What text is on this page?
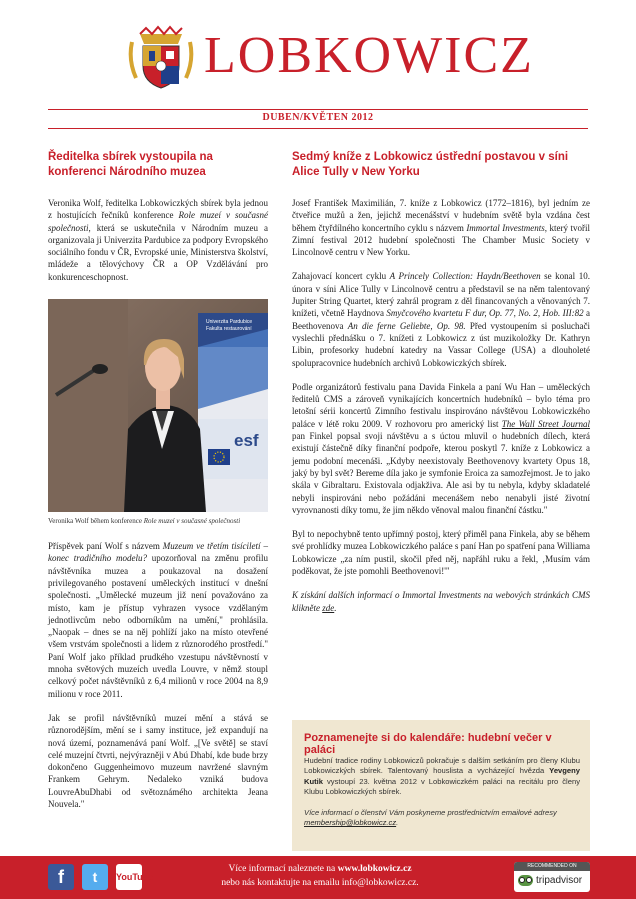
LOBKOWICZ
DUBEN/KVĚTEN 2012
Ředitelka sbírek vystoupila na konferenci Národního muzea

Veronika Wolf, ředitelka Lobkowiczkých sbírek byla jednou z hostujících řečníků konference Role muzeí v současné společnosti, která se uskutečnila v Národním muzeu a organizovala ji Univerzita Pardubice za podpory Evropského sociálního fondu v ČR, Evropské unie, Ministerstva školství, mládeže a tělovýchovy ČR a OP Vzdělávání pro konkurenceschopnost.

Univerzita Pardubice
Fakulta restaurování
esf

Veronika Wolf během konference Role muzeí v současné společnosti

Příspěvek paní Wolf s názvem Muzeum ve třetím tisíciletí – konec tradičního modelu? upozorňoval na změnu profilu návštěvníka muzea a poukazoval na dosažení privilegovaného postavení uměleckých institucí v dnešní společnosti. „Umělecké muzeum již není považováno za místo, kam je přístup vyhrazen vysoce vzdělaným jednotlivcům nebo odborníkům na umění," prohlásila. „Naopak – dnes se na něj pohlíží jako na místo otevřené všem vrstvám společnosti a lidem z různorodého prostředí." Paní Wolf jako příklad prudkého vzestupu návštěvností v mnoha světových muzeích uvedla Louvre, v němž stoupl celkový počet návštěvníků z 6,4 milionů v roce 2004 na 8,9 milionu v roce 2011.

Jak se profil návštěvníků muzeí mění a stává se různorodějším, mění se i samy instituce, jež expandují na nová území, poznamenává paní Wolf. „[Ve světě] se staví celé muzejní čtvrti, nejvýrazněji v Abú Dhabí, kde bude brzy dokončeno Guggenheimovo muzeum navržené slavným Frankem Gehrym. Nedaleko vzniká budova LouvreAbuDhabi od světoznámého architekta Jeana Nouvela."

Sedmý kníže z Lobkowicz ústřední postavou v síni Alice Tully v New Yorku

Josef František Maximilián, 7. kníže z Lobkowicz (1772–1816), byl jedním ze čtveřice mužů a žen, jejichž mecenášství v hudebním světě byla vzdána čest během čtyřdílného koncertního cyklu s názvem Immortal Investments, který tvořil Zimní festival 2012 hudební společnosti The Chamber Music Society v Lincolnově centru v New Yorku.

Zahajovací koncert cyklu A Princely Collection: Haydn/Beethoven se konal 10. února v síni Alice Tully v Lincolnově centru a představil se na něm talentovaný Jupiter String Quartet, který zahrál program z děl financovaných a věnovaných 7. knížeti, včetně Haydnova Smyčcového kvartetu F dur, Op. 77, No. 2, Hob. III:82 a Beethovenova An die ferne Geliebte, Op. 98. Před vystoupením si posluchači vyslechli přednášku o 7. knížeti z Lobkowicz z úst muzikoložky Dr. Kathryn Libin, profesorky hudební katedry na Vassar College (USA) a dlouholeté spolupracovnice hudebních archivů Lobkowiczkých sbírek.

Podle organizátorů festivalu pana Davida Finkela a paní Wu Han – uměleckých ředitelů CMS a zároveň vynikajících koncertních hudebníků – bylo téma pro letošní sérii koncertů Zimního festivalu inspirováno návštěvou Lobkowiczkého paláce v létě roku 2009. V rozhovoru pro americký list The Wall Street Journal pan Finkel popsal svoji návštěvu a s úctou mluvil o hudebních dílech, která existují částečně díky finanční podpoře, kterou poskytl 7. kníže z Lobkowicz a jemu podobní mecenáši. „Kdyby neexistovaly Beethovenovy kvartety Opus 18, jaký by byl svět? Bereme díla jako je symfonie Eroica za samozřejmost. Je to jako skála v Gibraltaru. Existovala odjakživa. Ale asi by tu nebyla, kdyby skladatelé nebyli inspirováni nebo požádáni mecenášem nebo nenabyli jisté životní vyrovnanosti díky tomu, že jim někdo věnoval malou finanční částku."

Byl to nepochybně tento upřímný postoj, který přiměl pana Finkela, aby se během své prohlídky muzea Lobkowiczkého paláce s paní Han po spatření pana Williama Lobkowicze „za ním pustil, skočil před něj, napřáhl ruku a řekl, ‚Musím vám poděkovat, že jste pomohli Beethovenovi!'"

K získání dalších informací o Immortal Investments na webových stránkách CMS klikněte zde.

Poznamenejte si do kalendáře: hudební večer v paláci

Hudební tradice rodiny Lobkowiczů pokračuje s dalším setkáním pro členy Klubu Lobkowiczkých sbírek. Talentovaný houslista a vycházející hvězda Yevgeny Kutik vystoupí 23. května 2012 v Lobkowiczkém paláci na recitálu pro členy Klubu Lobkowiczkých sbírek.

Více informací o členství Vám poskyneme prostřednictvím emailové adresy membership@lobkowicz.cz.

f	t	YouTube
Více informací naleznete na www.lobkowicz.cz
nebo nás kontaktujte na emailu info@lobkowicz.cz.
RECOMMENDED ON
tripadvisor
